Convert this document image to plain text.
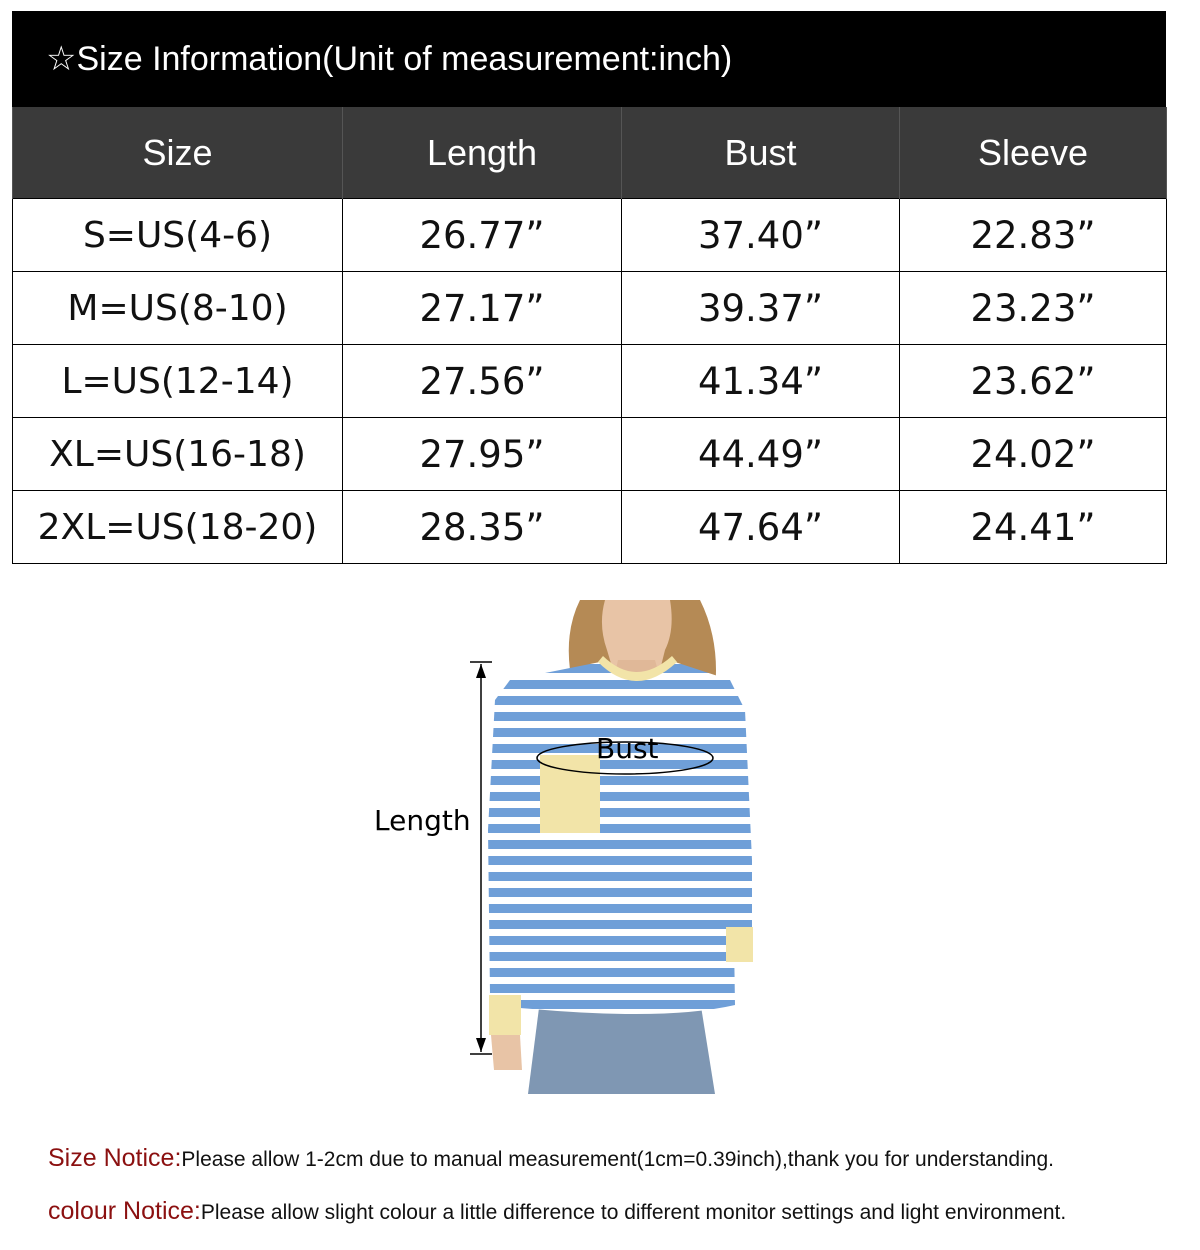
☆Size Information(Unit of measurement:inch)
Size	Length	Bust	Sleeve
S=US(4-6)	26.77”	37.40”	22.83”
M=US(8-10)	27.17”	39.37”	23.23”
L=US(12-14)	27.56”	41.34”	23.62”
XL=US(16-18)	27.95”	44.49”	24.02”
2XL=US(18-20)	28.35”	47.64”	24.41”
Bust
Length
Size Notice:Please allow 1-2cm due to manual measurement(1cm=0.39inch),thank you for understanding.
colour Notice:Please allow slight colour a little difference to different monitor settings and light environment.
